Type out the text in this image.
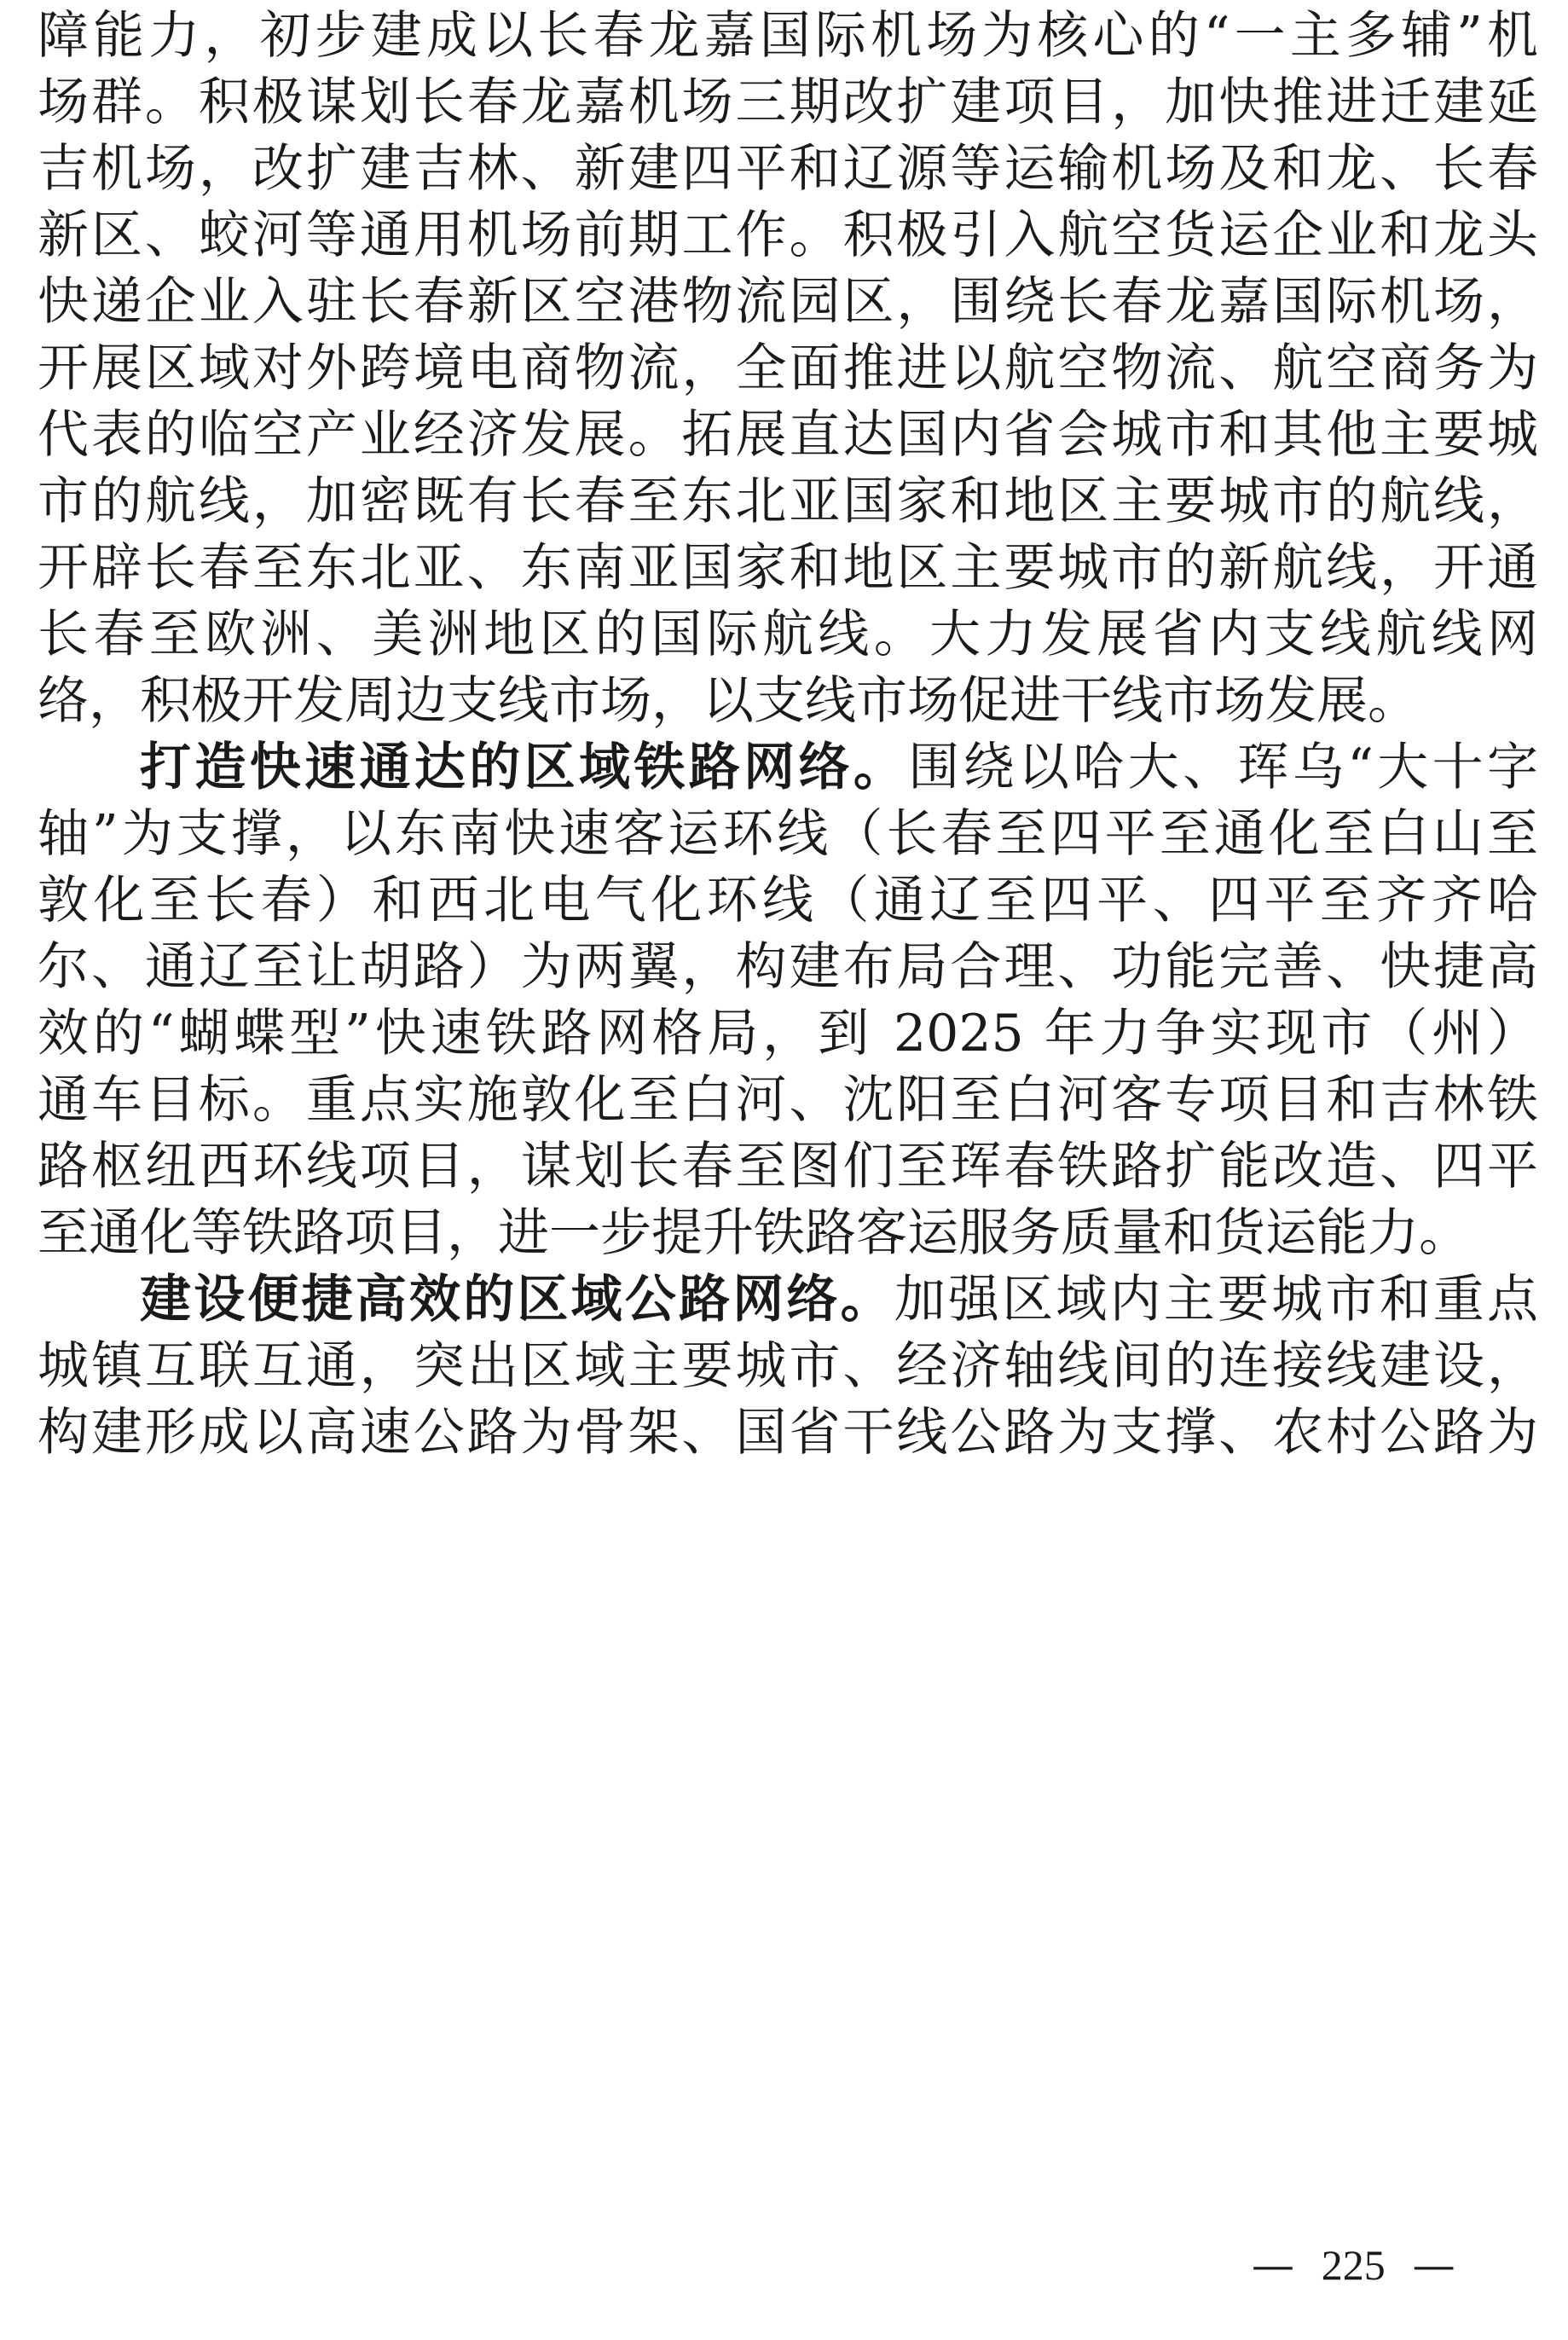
障能力，初步建成以长春龙嘉国际机场为核心的“一主多辅”机
场群。积极谋划长春龙嘉机场三期改扩建项目，加快推进迁建延
吉机场，改扩建吉林、新建四平和辽源等运输机场及和龙、长春
新区、蛟河等通用机场前期工作。积极引入航空货运企业和龙头
快递企业入驻长春新区空港物流园区，围绕长春龙嘉国际机场，
开展区域对外跨境电商物流，全面推进以航空物流、航空商务为
代表的临空产业经济发展。拓展直达国内省会城市和其他主要城
市的航线，加密既有长春至东北亚国家和地区主要城市的航线，
开辟长春至东北亚、东南亚国家和地区主要城市的新航线，开通
长春至欧洲、美洲地区的国际航线。大力发展省内支线航线网
络，积极开发周边支线市场，以支线市场促进干线市场发展。
打造快速通达的区域铁路网络。围绕以哈大、珲乌“大十字
轴”为支撑，以东南快速客运环线（长春至四平至通化至白山至
敦化至长春）和西北电气化环线（通辽至四平、四平至齐齐哈
尔、通辽至让胡路）为两翼，构建布局合理、功能完善、快捷高
效的“蝴蝶型”快速铁路网格局，到 2025 年力争实现市（州）
通车目标。重点实施敦化至白河、沈阳至白河客专项目和吉林铁
路枢纽西环线项目，谋划长春至图们至珲春铁路扩能改造、四平
至通化等铁路项目，进一步提升铁路客运服务质量和货运能力。
建设便捷高效的区域公路网络。加强区域内主要城市和重点
城镇互联互通，突出区域主要城市、经济轴线间的连接线建设，
构建形成以高速公路为骨架、国省干线公路为支撑、农村公路为
— 225 —
